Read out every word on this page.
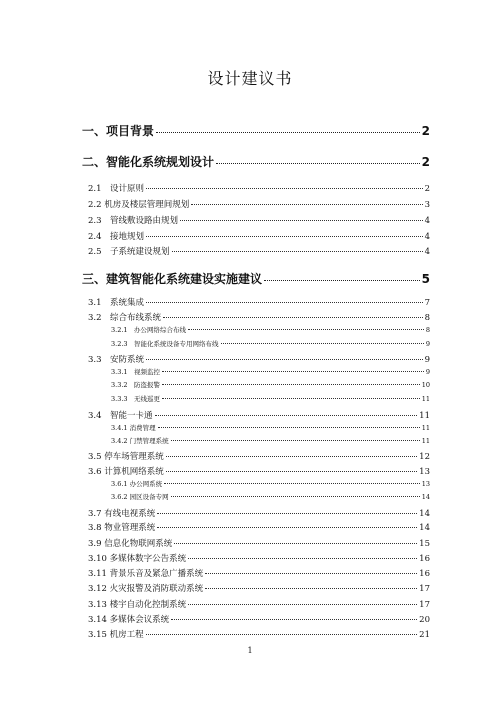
设计建议书
一、项目背景	2
二、智能化系统规划设计	2
2.1　设计原则	2
2.2 机房及楼层管理间规划	3
2.3　管线敷设路由规划	4
2.4　接地规划	4
2.5　子系统建设规划	4
三、建筑智能化系统建设实施建议	5
3.1　系统集成	7
3.2　综合布线系统	8
3.2.1　办公网络综合布线	8
3.2.3　智能化系统设备专用网络布线	9
3.3　安防系统	9
3.3.1　视频监控	9
3.3.2　防盗报警	10
3.3.3　无线巡更	11
3.4　智能一卡通	11
3.4.1 消费管理	11
3.4.2 门禁管理系统	11
3.5 停车场管理系统	12
3.6 计算机网络系统	13
3.6.1 办公网系统	13
3.6.2 园区设备专网	14
3.7 有线电视系统	14
3.8 物业管理系统	14
3.9 信息化物联网系统	15
3.10 多媒体数字公告系统	16
3.11 背景乐音及紧急广播系统	16
3.12 火灾报警及消防联动系统	17
3.13 楼宇自动化控制系统	17
3.14 多媒体会议系统	20
3.15 机房工程	21
1
